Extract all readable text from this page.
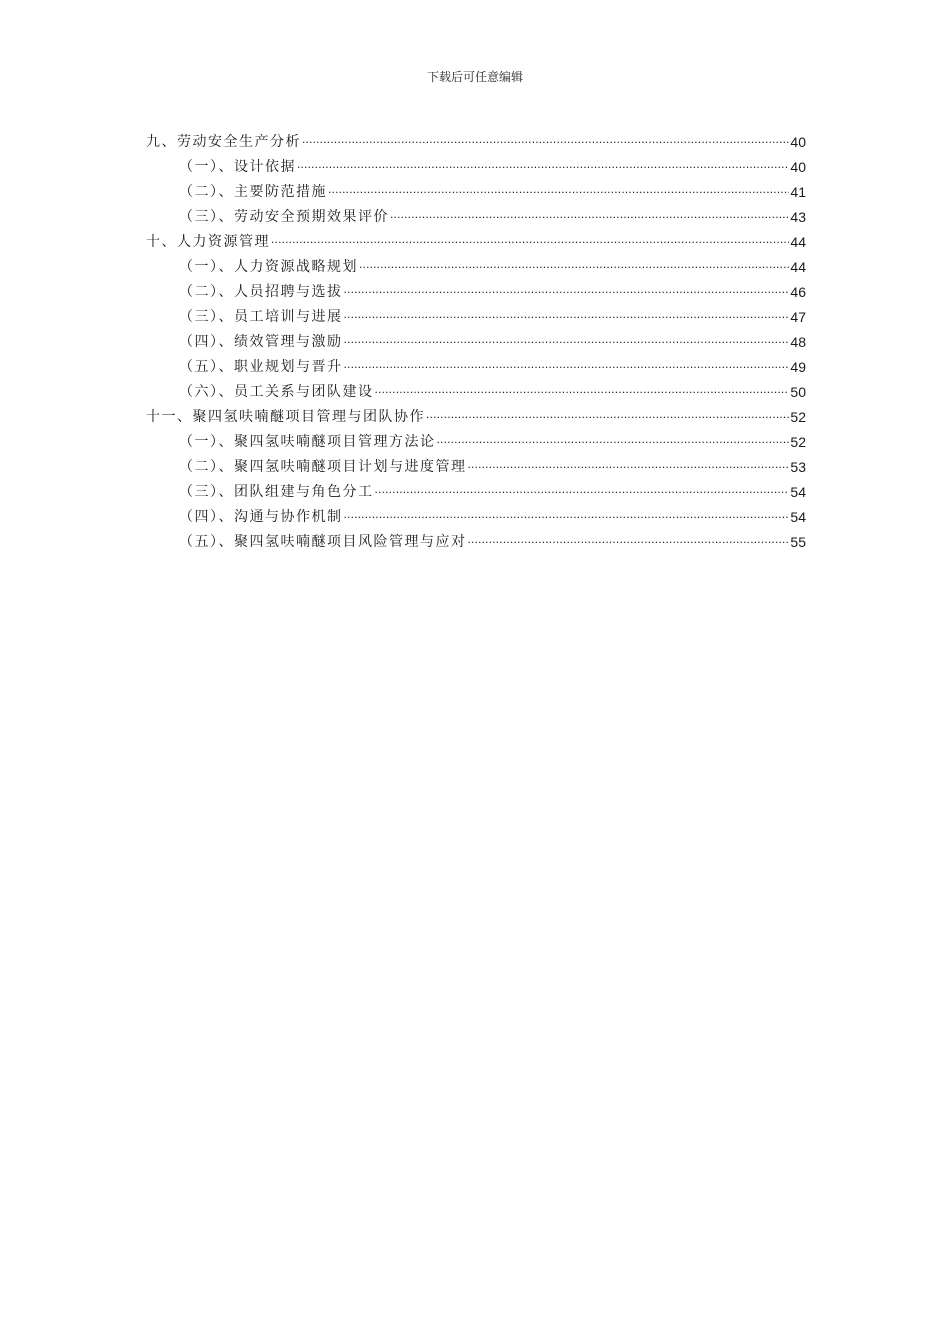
下载后可任意编辑
九、劳动安全生产分析 .....	40
（一）、设计依据 .....	40
（二）、主要防范措施 .....	41
（三）、劳动安全预期效果评价 .....	43
十、人力资源管理 .....	44
（一）、人力资源战略规划 .....	44
（二）、人员招聘与选拔 .....	46
（三）、员工培训与进展 .....	47
（四）、绩效管理与激励 .....	48
（五）、职业规划与晋升 .....	49
（六）、员工关系与团队建设 .....	50
十一、聚四氢呋喃醚项目管理与团队协作 .....	52
（一）、聚四氢呋喃醚项目管理方法论 .....	52
（二）、聚四氢呋喃醚项目计划与进度管理 .....	53
（三）、团队组建与角色分工 .....	54
（四）、沟通与协作机制 .....	54
（五）、聚四氢呋喃醚项目风险管理与应对 .....	55
